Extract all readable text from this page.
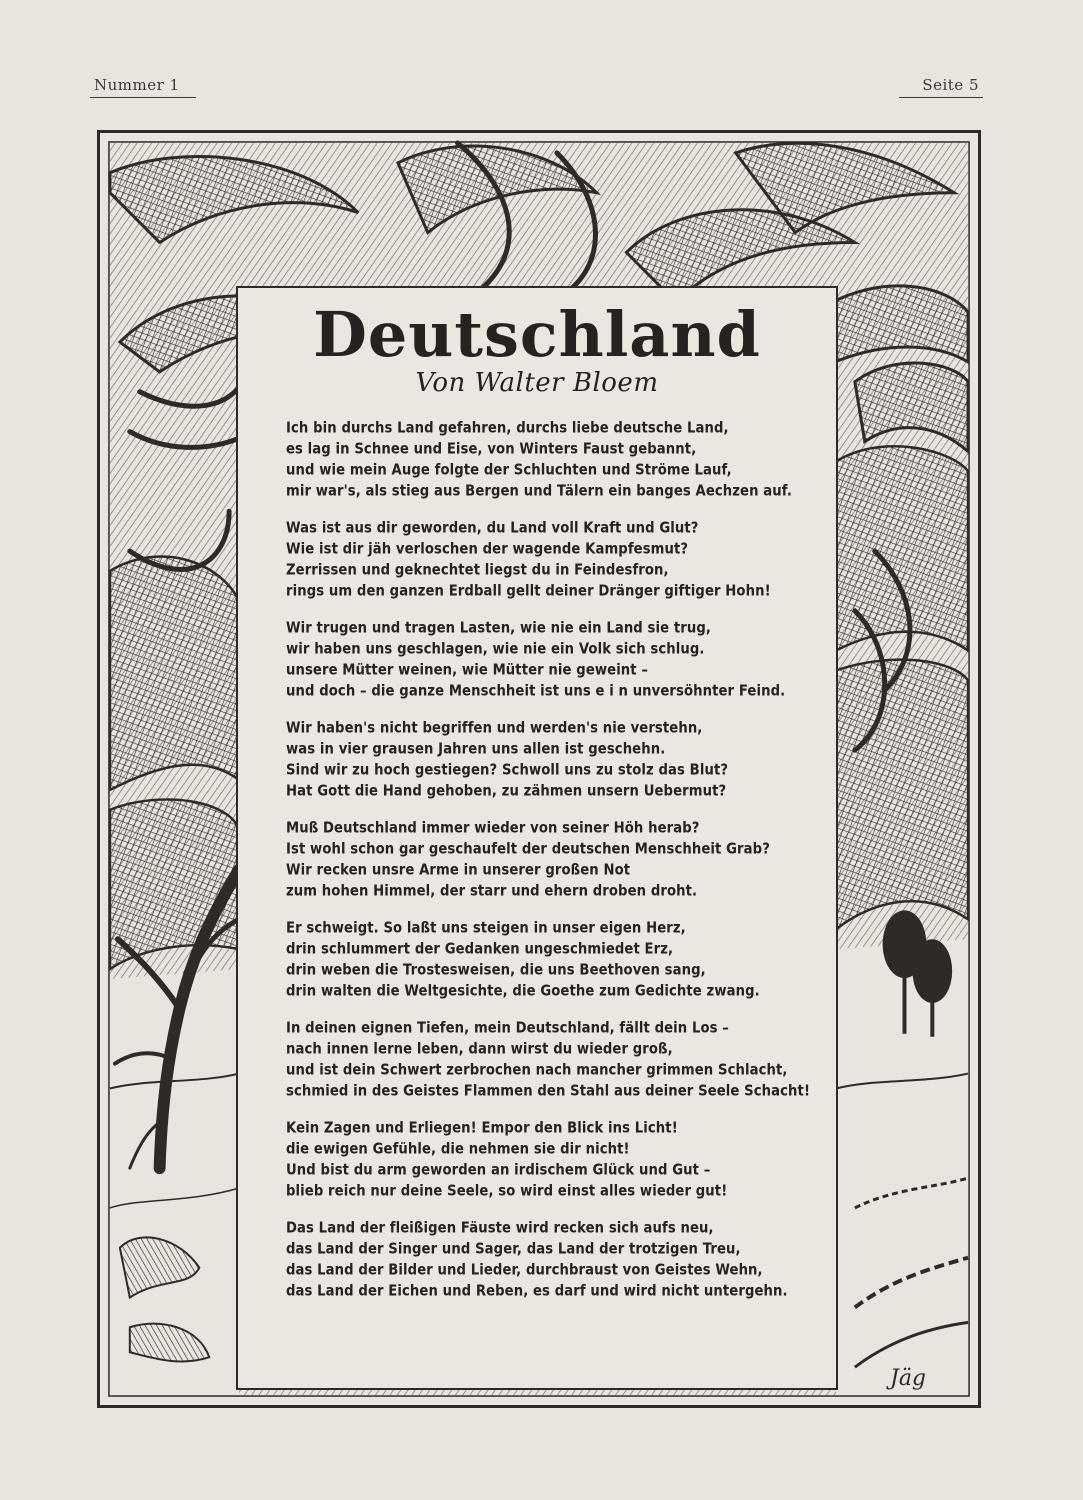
Nummer 1	Seite 5
Deutschland
Von Walter Bloem
Ich bin durchs Land gefahren, durchs liebe deutsche Land,
es lag in Schnee und Eise, von Winters Faust gebannt,
und wie mein Auge folgte der Schluchten und Ströme Lauf,
mir war's, als stieg aus Bergen und Tälern ein banges Aechzen auf.
Was ist aus dir geworden, du Land voll Kraft und Glut?
Wie ist dir jäh verloschen der wagende Kampfesmut?
Zerrissen und geknechtet liegst du in Feindesfron,
rings um den ganzen Erdball gellt deiner Dränger giftiger Hohn!
Wir trugen und tragen Lasten, wie nie ein Land sie trug,
wir haben uns geschlagen, wie nie ein Volk sich schlug.
unsere Mütter weinen, wie Mütter nie geweint –
und doch – die ganze Menschheit ist uns e i n unversöhnter Feind.
Wir haben's nicht begriffen und werden's nie verstehn,
was in vier grausen Jahren uns allen ist geschehn.
Sind wir zu hoch gestiegen? Schwoll uns zu stolz das Blut?
Hat Gott die Hand gehoben, zu zähmen unsern Uebermut?
Muß Deutschland immer wieder von seiner Höh herab?
Ist wohl schon gar geschaufelt der deutschen Menschheit Grab?
Wir recken unsre Arme in unserer großen Not
zum hohen Himmel, der starr und ehern droben droht.
Er schweigt. So laßt uns steigen in unser eigen Herz,
drin schlummert der Gedanken ungeschmiedet Erz,
drin weben die Trostesweisen, die uns Beethoven sang,
drin walten die Weltgesichte, die Goethe zum Gedichte zwang.
In deinen eignen Tiefen, mein Deutschland, fällt dein Los –
nach innen lerne leben, dann wirst du wieder groß,
und ist dein Schwert zerbrochen nach mancher grimmen Schlacht,
schmied in des Geistes Flammen den Stahl aus deiner Seele Schacht!
Kein Zagen und Erliegen! Empor den Blick ins Licht!
die ewigen Gefühle, die nehmen sie dir nicht!
Und bist du arm geworden an irdischem Glück und Gut –
blieb reich nur deine Seele, so wird einst alles wieder gut!
Das Land der fleißigen Fäuste wird recken sich aufs neu,
das Land der Singer und Sager, das Land der trotzigen Treu,
das Land der Bilder und Lieder, durchbraust von Geistes Wehn,
das Land der Eichen und Reben, es darf und wird nicht untergehn.
Jäg
